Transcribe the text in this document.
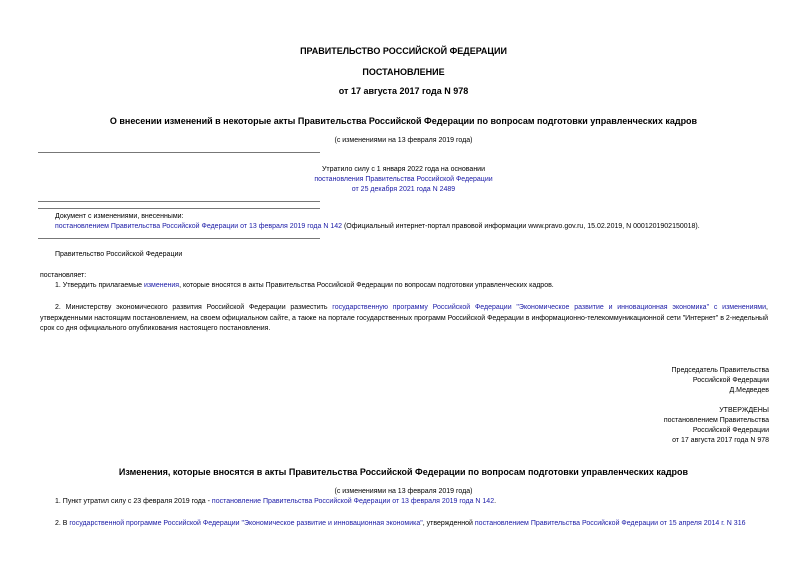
ПРАВИТЕЛЬСТВО РОССИЙСКОЙ ФЕДЕРАЦИИ
ПОСТАНОВЛЕНИЕ
от 17 августа 2017 года N 978
О внесении изменений в некоторые акты Правительства Российской Федерации по вопросам подготовки управленческих кадров
(с изменениями на 13 февраля 2019 года)
Утратило силу с 1 января 2022 года на основании
постановления Правительства Российской Федерации
от 25 декабря 2021 года N 2489
Документ с изменениями, внесенными:
постановлением Правительства Российской Федерации от 13 февраля 2019 года N 142 (Официальный интернет-портал правовой информации www.pravo.gov.ru, 15.02.2019, N 0001201902150018).
Правительство Российской Федерации
постановляет:
1. Утвердить прилагаемые изменения, которые вносятся в акты Правительства Российской Федерации по вопросам подготовки управленческих кадров.
2. Министерству экономического развития Российской Федерации разместить государственную программу Российской Федерации "Экономическое развитие и инновационная экономика" с изменениями, утвержденными настоящим постановлением, на своем официальном сайте, а также на портале государственных программ Российской Федерации в информационно-телекоммуникационной сети "Интернет" в 2-недельный срок со дня официального опубликования настоящего постановления.
Председатель Правительства
Российской Федерации
Д.Медведев
УТВЕРЖДЕНЫ
постановлением Правительства
Российской Федерации
от 17 августа 2017 года N 978
Изменения, которые вносятся в акты Правительства Российской Федерации по вопросам подготовки управленческих кадров
(с изменениями на 13 февраля 2019 года)
1. Пункт утратил силу с 23 февраля 2019 года - постановление Правительства Российской Федерации от 13 февраля 2019 года N 142.
2. В государственной программе Российской Федерации "Экономическое развитие и инновационная экономика", утвержденной постановлением Правительства Российской Федерации от 15 апреля 2014 г. N 316
